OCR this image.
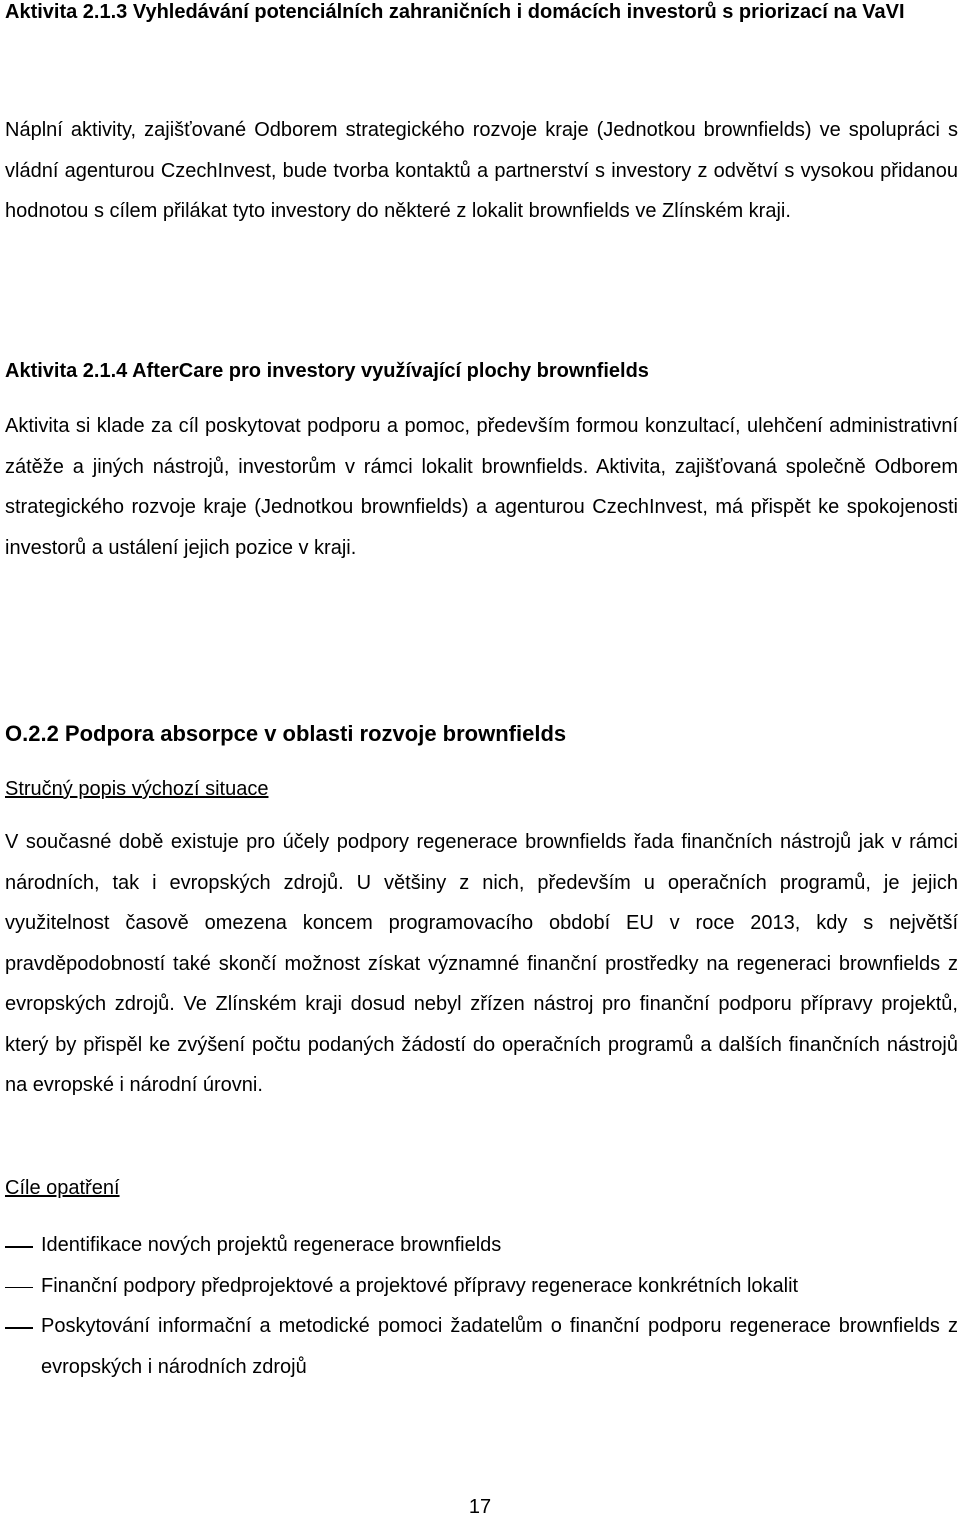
Aktivita 2.1.3 Vyhledávání potenciálních zahraničních i domácích investorů s priorizací na VaVI
Náplní aktivity, zajišťované Odborem strategického rozvoje kraje (Jednotkou brownfields) ve spolupráci s vládní agenturou CzechInvest, bude tvorba kontaktů a partnerství s investory z odvětví s vysokou přidanou hodnotou s cílem přilákat tyto investory do některé z lokalit brownfields ve Zlínském kraji.
Aktivita 2.1.4 AfterCare pro investory využívající plochy brownfields
Aktivita si klade za cíl poskytovat podporu a pomoc, především formou konzultací, ulehčení administrativní zátěže a jiných nástrojů, investorům v rámci lokalit brownfields. Aktivita, zajišťovaná společně Odborem strategického rozvoje kraje (Jednotkou brownfields) a agenturou CzechInvest, má přispět ke spokojenosti investorů a ustálení jejich pozice v kraji.
O.2.2 Podpora absorpce v oblasti rozvoje brownfields
Stručný popis výchozí situace
V současné době existuje pro účely podpory regenerace brownfields řada finančních nástrojů jak v rámci národních, tak i evropských zdrojů. U většiny z nich, především u operačních programů, je jejich využitelnost časově omezena koncem programovacího období EU v roce 2013, kdy s největší pravděpodobností také skončí možnost získat významné finanční prostředky na regeneraci brownfields z evropských zdrojů. Ve Zlínském kraji dosud nebyl zřízen nástroj pro finanční podporu přípravy projektů, který by přispěl ke zvýšení počtu podaných žádostí do operačních programů a dalších finančních nástrojů na evropské i národní úrovni.
Cíle opatření
Identifikace nových projektů regenerace brownfields
Finanční podpory předprojektové a projektové přípravy regenerace konkrétních lokalit
Poskytování informační a metodické pomoci žadatelům o finanční podporu regenerace brownfields z evropských i národních zdrojů
17
